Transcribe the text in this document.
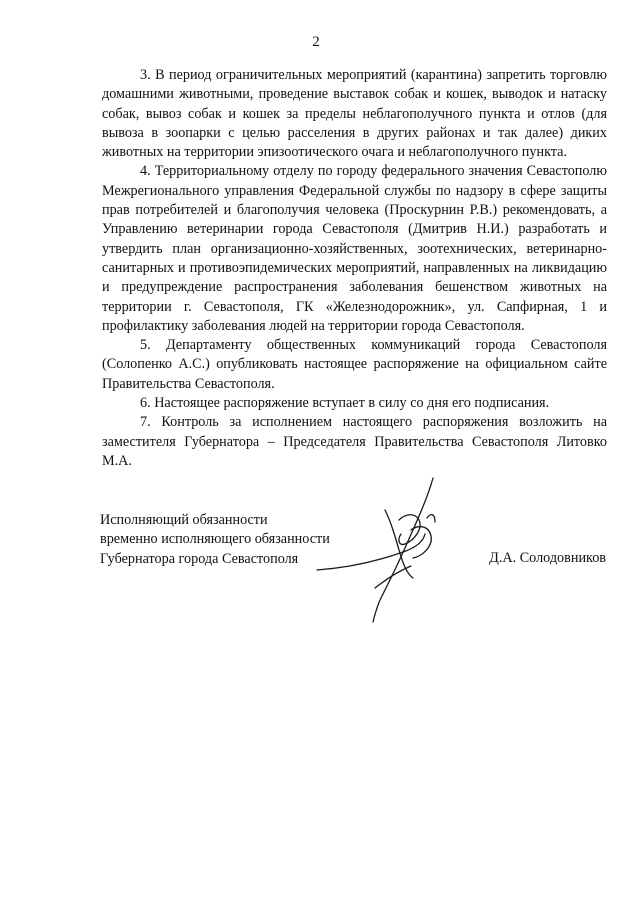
2

3. В период ограничительных мероприятий (карантина) запретить торговлю домашними животными, проведение выставок собак и кошек, выводок и натаску собак, вывоз собак и кошек за пределы неблагополучного пункта и отлов (для вывоза в зоопарки с целью расселения в других районах и так далее) диких животных на территории эпизоотического очага и неблагополучного пункта.

4. Территориальному отделу по городу федерального значения Севастополю Межрегионального управления Федеральной службы по надзору в сфере защиты прав потребителей и благополучия человека (Проскурнин Р.В.) рекомендовать, а Управлению ветеринарии города Севастополя (Дмитрив Н.И.) разработать и утвердить план организационно-хозяйственных, зоотехнических, ветеринарно-санитарных и противоэпидемических мероприятий, направленных на ликвидацию и предупреждение распространения заболевания бешенством животных на территории г. Севастополя, ГК «Железнодорожник», ул. Сапфирная, 1 и профилактику заболевания людей на территории города Севастополя.

5. Департаменту общественных коммуникаций города Севастополя (Солопенко А.С.) опубликовать настоящее распоряжение на официальном сайте Правительства Севастополя.

6. Настоящее распоряжение вступает в силу со дня его подписания.

7. Контроль за исполнением настоящего распоряжения возложить на заместителя Губернатора – Председателя Правительства Севастополя Литовко М.А.

Исполняющий обязанности
временно исполняющего обязанности
Губернатора города Севастополя	Д.А. Солодовников
